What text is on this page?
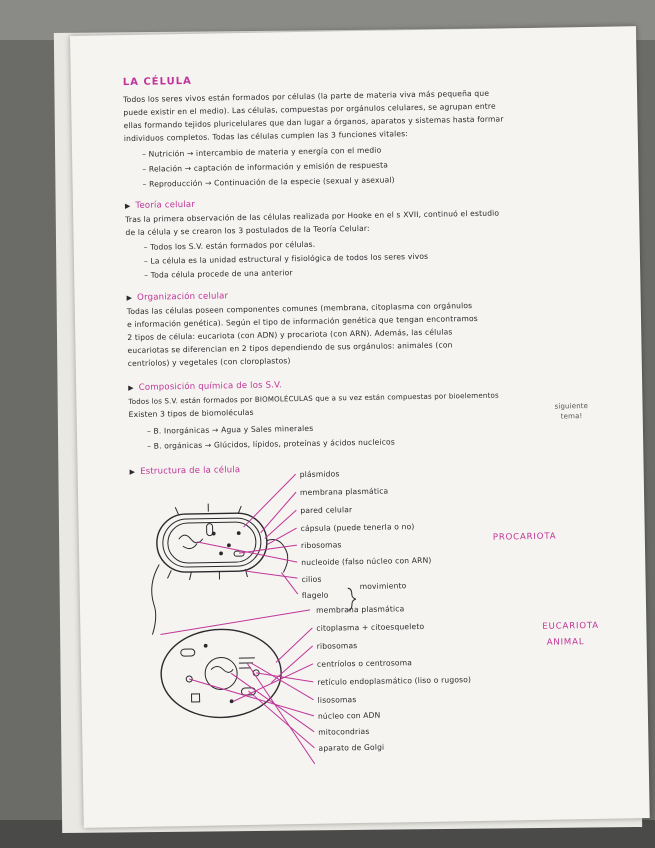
LA CÉLULA
Todos los seres vivos están formados por células (la parte de materia viva más pequeña que
puede existir en el medio). Las células, compuestas por orgánulos celulares, se agrupan entre
ellas formando tejidos pluricelulares que dan lugar a órganos, aparatos y sistemas hasta formar
individuos completos. Todas las células cumplen las 3 funciones vitales:
– Nutrición → intercambio de materia y energía con el medio
– Relación → captación de información y emisión de respuesta
– Reproducción → Continuación de la especie (sexual y asexual)
▶ Teoría celular
Tras la primera observación de las células realizada por Hooke en el s XVII, continuó el estudio
de la célula y se crearon los 3 postulados de la Teoría Celular:
– Todos los S.V. están formados por células.
– La célula es la unidad estructural y fisiológica de todos los seres vivos
– Toda célula procede de una anterior
▶ Organización celular
Todas las células poseen componentes comunes (membrana, citoplasma con orgánulos
e información genética). Según el tipo de información genética que tengan encontramos
2 tipos de célula: eucariota (con ADN) y procariota (con ARN). Además, las células
eucariotas se diferencian en 2 tipos dependiendo de sus orgánulos: animales (con
centríolos) y vegetales (con cloroplastos)
▶ Composición química de los S.V.
Todos los S.V. están formados por BIOMOLÉCULAS que a su vez están compuestas por bioelementos
Existen 3 tipos de biomoléculas
siguiente
tema!
– B. Inorgánicas → Agua y Sales minerales
– B. orgánicas → Glúcidos, lípidos, proteínas y ácidos nucleicos
▶ Estructura de la célula	plásmidos
membrana plasmática
pared celular
cápsula (puede tenerla o no)
ribosomas
nucleoide (falso núcleo con ARN)
cilios
flagelo
movimiento
PROCARIOTA
membrana plasmática
citoplasma + citoesqueleto
ribosomas
centríolos o centrosoma
retículo endoplasmático (liso o rugoso)
lisosomas
núcleo con ADN
mitocondrias
aparato de Golgi
EUCARIOTA
ANIMAL
